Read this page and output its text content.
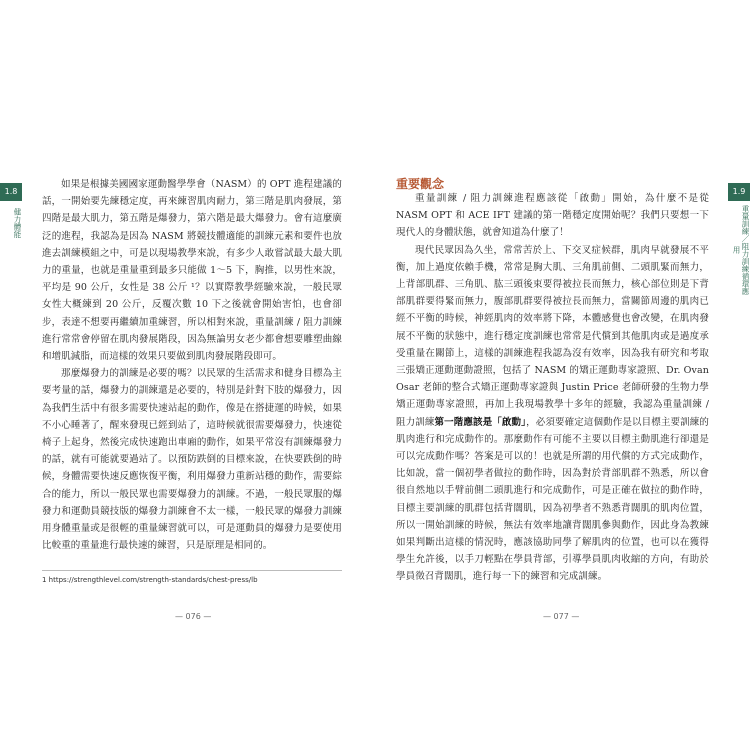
1.8
健力體能

如果是根據美國國家運動醫學學會（NASM）的 OPT 進程建議的話，一開始要先練穩定度，再來練習肌肉耐力，第三階是肌肉發展，第四階是最大肌力，第五階是爆發力，第六階是最大爆發力。會有這麼廣泛的進程，我認為是因為 NASM 將競技體適能的訓練元素和要件也放進去訓練模組之中，可是以現場教學來說，有多少人敢嘗試最大最大肌力的重量，也就是重量重到最多只能做 1～5 下，胸推，以男性來說，平均是 90 公斤，女性是 38 公斤 ¹？以實際教學經驗來說，一般民眾女性大概練到 20 公斤，反覆次數 10 下之後就會開始害怕，也會卻步，表達不想要再繼續加重練習，所以相對來說，重量訓練 / 阻力訓練進行常常會停留在肌肉發展階段，因為無論男女老少都會想要雕塑曲線和增肌減脂，而這樣的效果只要做到肌肉發展階段即可。

那麼爆發力的訓練是必要的嗎？以民眾的生活需求和健身目標為主要考量的話，爆發力的訓練還是必要的，特別是針對下肢的爆發力，因為我們生活中有很多需要快速站起的動作，像是在搭捷運的時候，如果不小心睡著了，醒來發現已經到站了，這時候就很需要爆發力，快速從椅子上起身，然後完成快速跑出車廂的動作，如果平常沒有訓練爆發力的話，就有可能就要過站了。以預防跌倒的目標來說，在快要跌倒的時候，身體需要快速反應恢復平衡，利用爆發力重新站穩的動作，需要綜合的能力，所以一般民眾也需要爆發力的訓練。不過，一般民眾服的爆發力和運動員競技版的爆發力訓練會不太一樣，一般民眾的爆發力訓練用身體重量或是很輕的重量練習就可以，可是運動員的爆發力是要使用比較重的重量進行最快速的練習，只是原理是相同的。

1 https://strengthlevel.com/strength-standards/chest-press/lb
— 076 —
1.9
重量訓練／阻力訓練循環應用
重要觀念

重量訓練 / 阻力訓練進程應該從「啟動」開始，為什麼不是從 NASM OPT 和 ACE IFT 建議的第一階穩定度開始呢？我們只要想一下現代人的身體狀態，就會知道為什麼了！

現代民眾因為久坐，常常苦於上、下交叉症候群，肌肉早就發展不平衡，加上過度依賴手機，常常是胸大肌、三角肌前側、二頭肌緊而無力，上背部肌群、三角肌、肱三頭後束要得被拉長而無力，核心部位則是下背部肌群要得緊而無力，腹部肌群要得被拉長而無力，當關節周邊的肌肉已經不平衡的時候，神經肌肉的效率將下降，本體感覺也會改變，在肌肉發展不平衡的狀態中，進行穩定度訓練也常常是代償到其他肌肉或是過度承受重量在關節上，這樣的訓練進程我認為沒有效率，因為我有研究和考取三張矯正運動運動證照，包括了 NASM 的矯正運動專家證照、Dr. Ovan Osar 老師的整合式矯正運動專家證與 Justin Price 老師研發的生物力學矯正運動專家證照，再加上我現場教學十多年的經驗，我認為重量訓練 / 阻力訓練第一階應該是「啟動」，必須要確定這個動作是以目標主要訓練的肌肉進行和完成動作的。那麼動作有可能不主要以目標主動肌進行卻還是可以完成動作嗎？答案是可以的！也就是所謂的用代償的方式完成動作，比如說，當一個初學者做拉的動作時，因為對於背部肌群不熟悉，所以會很自然地以手臂前側二頭肌進行和完成動作，可是正確在做拉的動作時，目標主要訓練的肌群包括背闊肌，因為初學者不熟悉背闊肌的肌肉位置，所以一開始訓練的時候，無法有效率地讓背闊肌參與動作，因此身為教練如果判斷出這樣的情況時，應該協助同學了解肌肉的位置，也可以在獲得學生允許後，以手刀輕點在學員背部，引導學員肌肉收縮的方向，有助於學員徵召背闊肌，進行每一下的練習和完成訓練。

— 077 —
